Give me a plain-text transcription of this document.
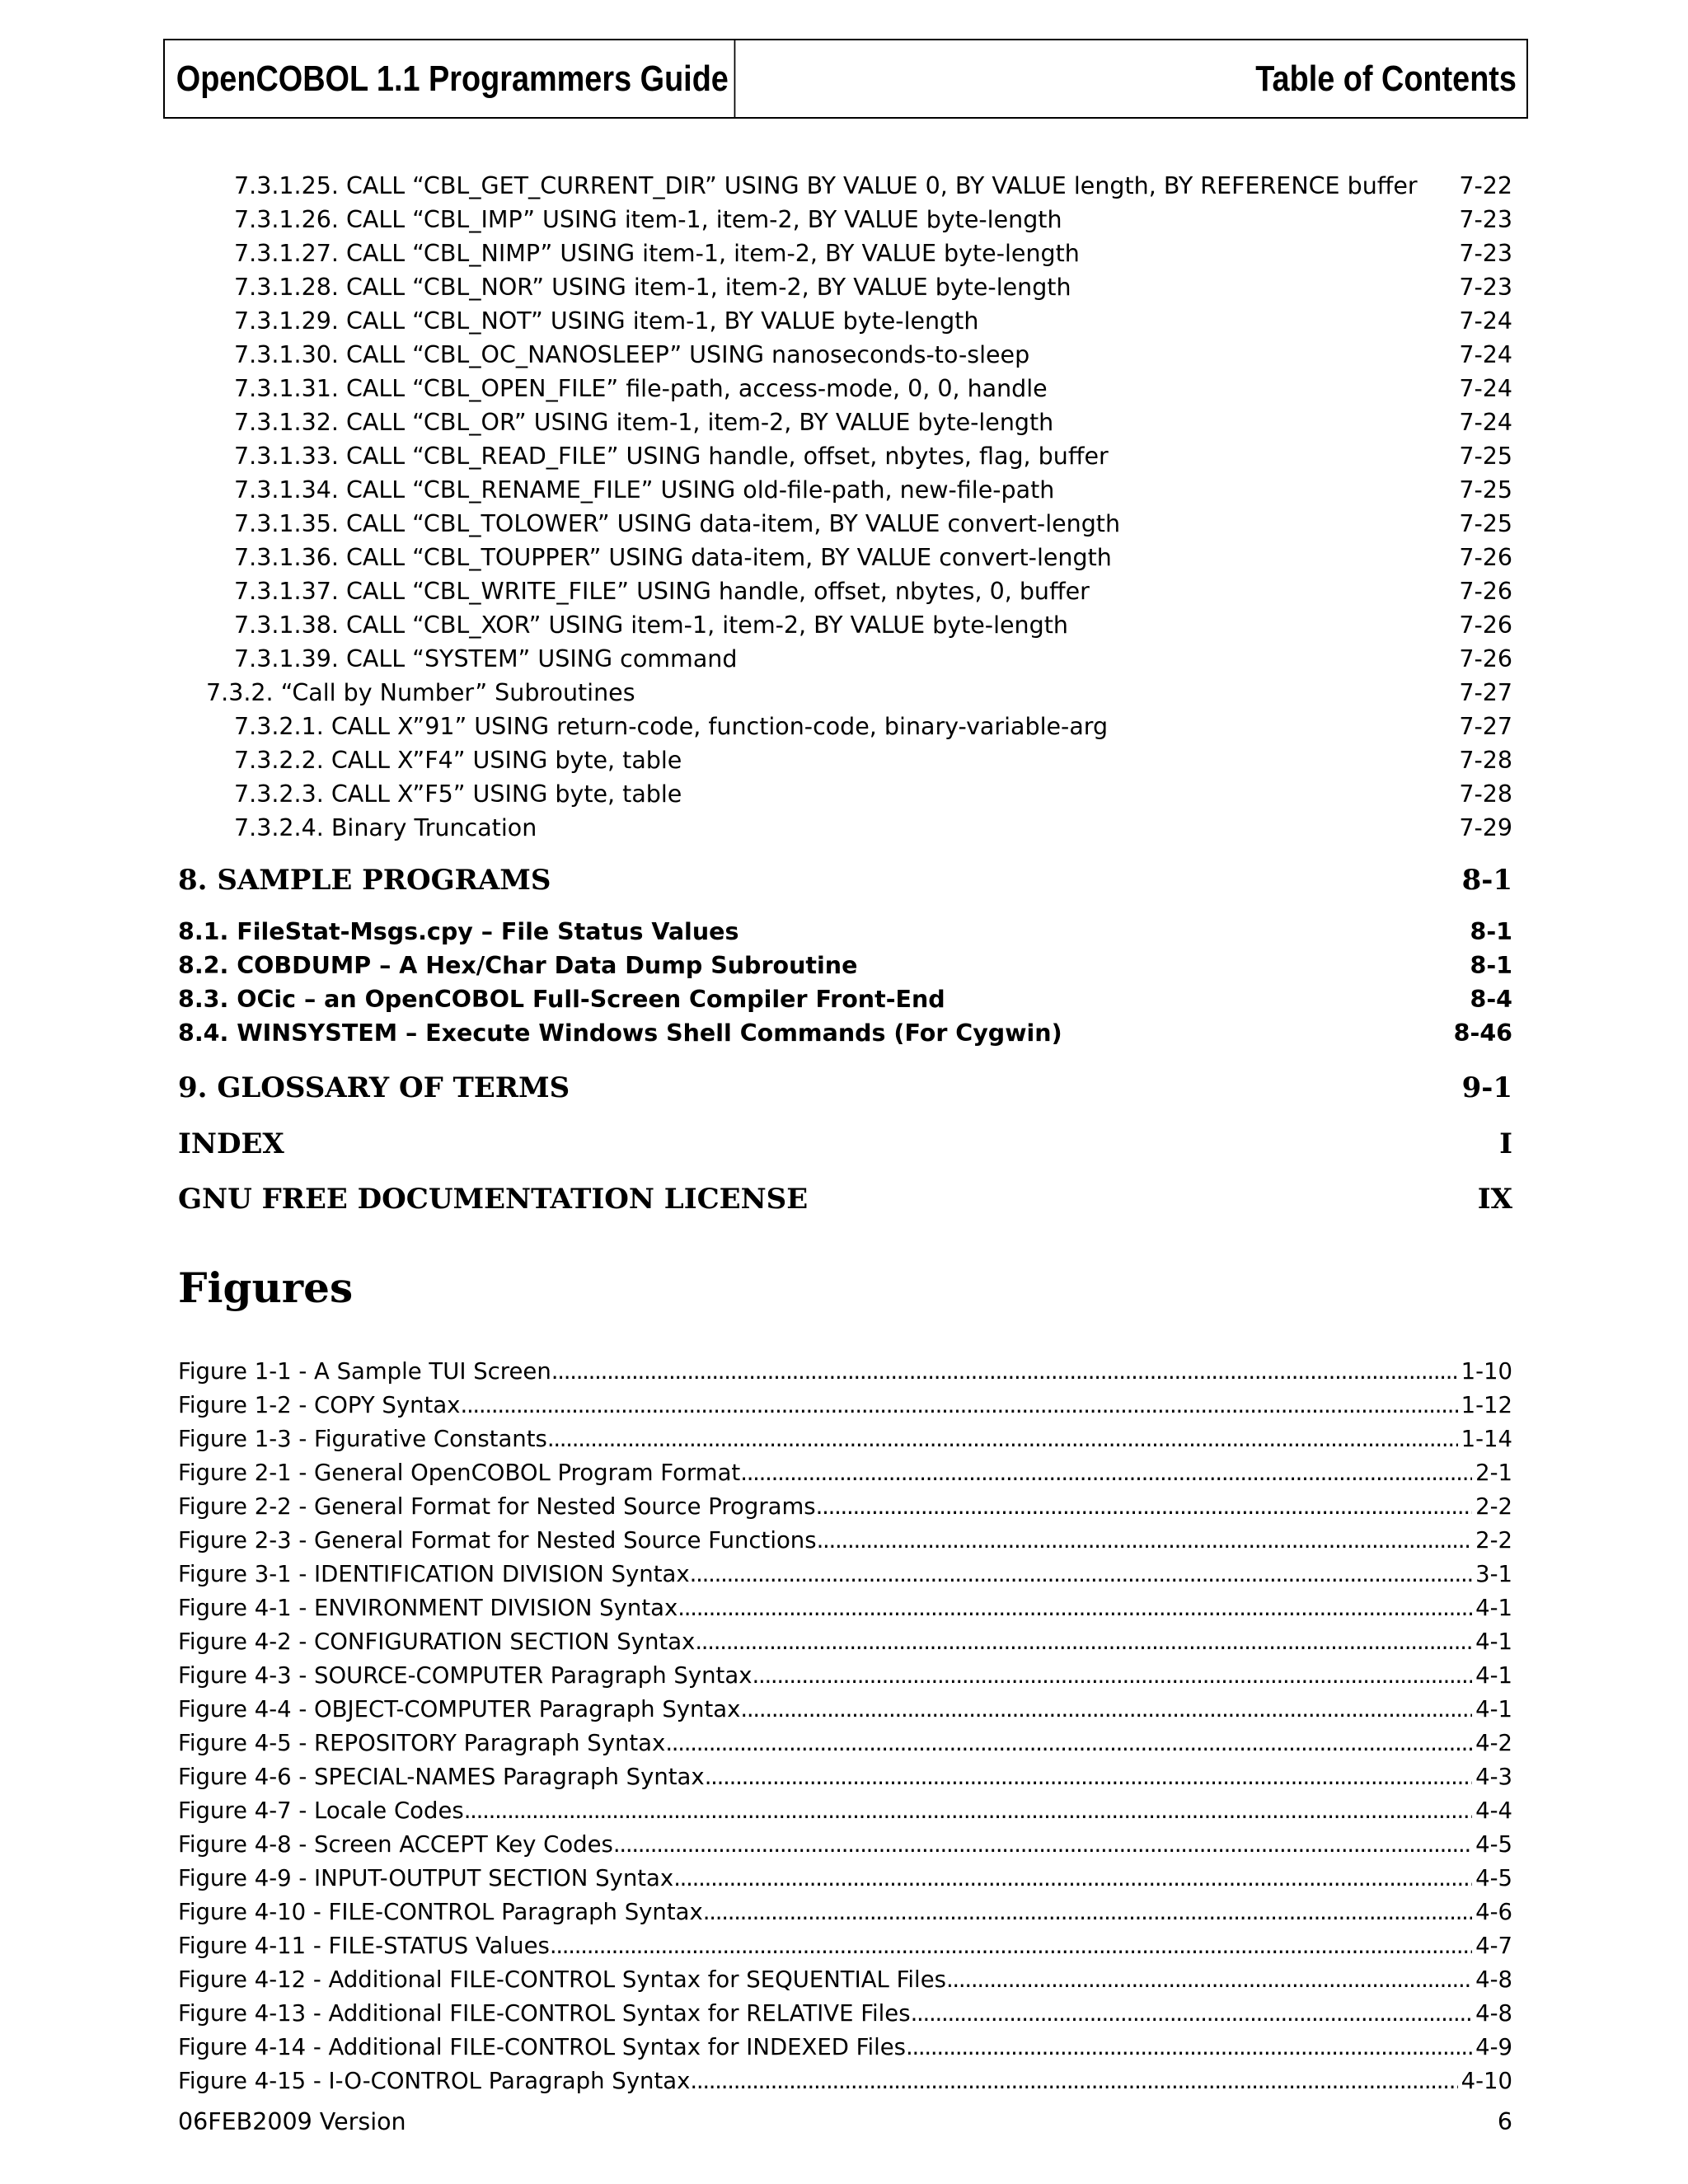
OpenCOBOL 1.1 Programmers Guide	Table of Contents
7.3.1.25. CALL “CBL_GET_CURRENT_DIR” USING BY VALUE 0, BY VALUE length, BY REFERENCE buffer 7-22
7.3.1.26. CALL “CBL_IMP” USING item-1, item-2, BY VALUE byte-length	7-23
7.3.1.27. CALL “CBL_NIMP” USING item-1, item-2, BY VALUE byte-length	7-23
7.3.1.28. CALL “CBL_NOR” USING item-1, item-2, BY VALUE byte-length	7-23
7.3.1.29. CALL “CBL_NOT” USING item-1, BY VALUE byte-length	7-24
7.3.1.30. CALL “CBL_OC_NANOSLEEP” USING nanoseconds-to-sleep	7-24
7.3.1.31. CALL “CBL_OPEN_FILE” file-path, access-mode, 0, 0, handle	7-24
7.3.1.32. CALL “CBL_OR” USING item-1, item-2, BY VALUE byte-length	7-24
7.3.1.33. CALL “CBL_READ_FILE” USING handle, offset, nbytes, flag, buffer	7-25
7.3.1.34. CALL “CBL_RENAME_FILE” USING old-file-path, new-file-path	7-25
7.3.1.35. CALL “CBL_TOLOWER” USING data-item, BY VALUE convert-length	7-25
7.3.1.36. CALL “CBL_TOUPPER” USING data-item, BY VALUE convert-length	7-26
7.3.1.37. CALL “CBL_WRITE_FILE” USING handle, offset, nbytes, 0, buffer	7-26
7.3.1.38. CALL “CBL_XOR” USING item-1, item-2, BY VALUE byte-length	7-26
7.3.1.39. CALL “SYSTEM” USING command	7-26
7.3.2. “Call by Number” Subroutines	7-27
7.3.2.1. CALL X”91” USING return-code, function-code, binary-variable-arg	7-27
7.3.2.2. CALL X”F4” USING byte, table	7-28
7.3.2.3. CALL X”F5” USING byte, table	7-28
7.3.2.4. Binary Truncation	7-29
8. SAMPLE PROGRAMS	8-1
8.1. FileStat-Msgs.cpy – File Status Values	8-1
8.2. COBDUMP – A Hex/Char Data Dump Subroutine	8-1
8.3. OCic – an OpenCOBOL Full-Screen Compiler Front-End	8-4
8.4. WINSYSTEM – Execute Windows Shell Commands (For Cygwin)	8-46
9. GLOSSARY OF TERMS	9-1
INDEX	I
GNU FREE DOCUMENTATION LICENSE	IX
Figures
Figure 1-1 - A Sample TUI Screen . . .	1-10
Figure 1-2 - COPY Syntax . . .	1-12
Figure 1-3 - Figurative Constants . . .	1-14
Figure 2-1 - General OpenCOBOL Program Format . . .	2-1
Figure 2-2 - General Format for Nested Source Programs . . .	2-2
Figure 2-3 - General Format for Nested Source Functions . . .	2-2
Figure 3-1 - IDENTIFICATION DIVISION Syntax . . .	3-1
Figure 4-1 - ENVIRONMENT DIVISION Syntax . . .	4-1
Figure 4-2 - CONFIGURATION SECTION Syntax . . .	4-1
Figure 4-3 - SOURCE-COMPUTER Paragraph Syntax . . .	4-1
Figure 4-4 - OBJECT-COMPUTER Paragraph Syntax . . .	4-1
Figure 4-5 - REPOSITORY Paragraph Syntax . . .	4-2
Figure 4-6 - SPECIAL-NAMES Paragraph Syntax . . .	4-3
Figure 4-7 - Locale Codes . . .	4-4
Figure 4-8 - Screen ACCEPT Key Codes . . .	4-5
Figure 4-9 - INPUT-OUTPUT SECTION Syntax . . .	4-5
Figure 4-10 - FILE-CONTROL Paragraph Syntax . . .	4-6
Figure 4-11 - FILE-STATUS Values . . .	4-7
Figure 4-12 - Additional FILE-CONTROL Syntax for SEQUENTIAL Files . . .	4-8
Figure 4-13 - Additional FILE-CONTROL Syntax for RELATIVE Files . . .	4-8
Figure 4-14 - Additional FILE-CONTROL Syntax for INDEXED Files . . .	4-9
Figure 4-15 - I-O-CONTROL Paragraph Syntax . . .	4-10
06FEB2009 Version	6
